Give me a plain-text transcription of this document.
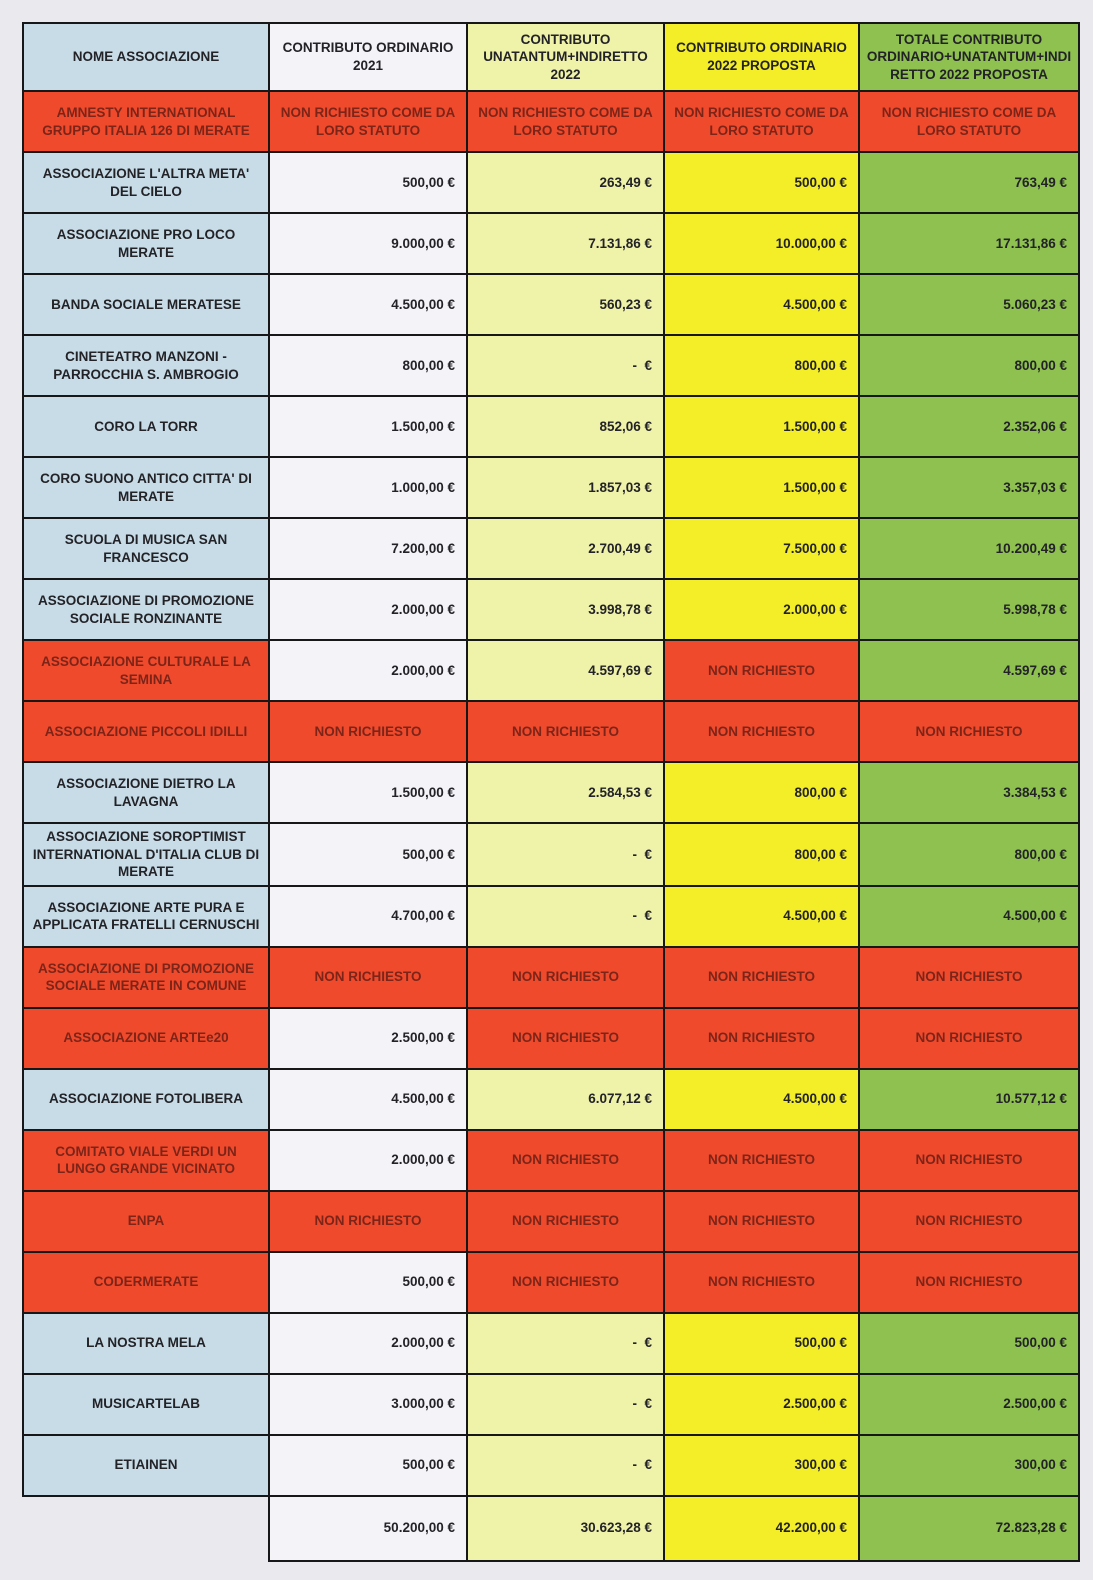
NOME ASSOCIAZIONE	CONTRIBUTO ORDINARIO 2021	CONTRIBUTO UNATANTUM+INDIRETTO 2022	CONTRIBUTO ORDINARIO 2022 PROPOSTA	TOTALE CONTRIBUTO ORDINARIO+UNATANTUM+INDIRETTO 2022 PROPOSTA
AMNESTY INTERNATIONAL GRUPPO ITALIA 126 DI MERATE	NON RICHIESTO COME DA LORO STATUTO	NON RICHIESTO COME DA LORO STATUTO	NON RICHIESTO COME DA LORO STATUTO	NON RICHIESTO COME DA LORO STATUTO
ASSOCIAZIONE L'ALTRA META' DEL CIELO	500,00 €	263,49 €	500,00 €	763,49 €
ASSOCIAZIONE PRO LOCO MERATE	9.000,00 €	7.131,86 €	10.000,00 €	17.131,86 €
BANDA SOCIALE MERATESE	4.500,00 €	560,23 €	4.500,00 €	5.060,23 €
CINETEATRO MANZONI - PARROCCHIA S. AMBROGIO	800,00 €	-  €	800,00 €	800,00 €
CORO LA TORR	1.500,00 €	852,06 €	1.500,00 €	2.352,06 €
CORO SUONO ANTICO CITTA' DI MERATE	1.000,00 €	1.857,03 €	1.500,00 €	3.357,03 €
SCUOLA DI MUSICA SAN FRANCESCO	7.200,00 €	2.700,49 €	7.500,00 €	10.200,49 €
ASSOCIAZIONE DI PROMOZIONE SOCIALE RONZINANTE	2.000,00 €	3.998,78 €	2.000,00 €	5.998,78 €
ASSOCIAZIONE CULTURALE LA SEMINA	2.000,00 €	4.597,69 €	NON RICHIESTO	4.597,69 €
ASSOCIAZIONE PICCOLI IDILLI	NON RICHIESTO	NON RICHIESTO	NON RICHIESTO	NON RICHIESTO
ASSOCIAZIONE DIETRO LA LAVAGNA	1.500,00 €	2.584,53 €	800,00 €	3.384,53 €
ASSOCIAZIONE SOROPTIMIST INTERNATIONAL D'ITALIA CLUB DI MERATE	500,00 €	-  €	800,00 €	800,00 €
ASSOCIAZIONE ARTE PURA E APPLICATA FRATELLI CERNUSCHI	4.700,00 €	-  €	4.500,00 €	4.500,00 €
ASSOCIAZIONE DI PROMOZIONE SOCIALE MERATE IN COMUNE	NON RICHIESTO	NON RICHIESTO	NON RICHIESTO	NON RICHIESTO
ASSOCIAZIONE ARTEe20	2.500,00 €	NON RICHIESTO	NON RICHIESTO	NON RICHIESTO
ASSOCIAZIONE FOTOLIBERA	4.500,00 €	6.077,12 €	4.500,00 €	10.577,12 €
COMITATO VIALE VERDI UN LUNGO GRANDE VICINATO	2.000,00 €	NON RICHIESTO	NON RICHIESTO	NON RICHIESTO
ENPA	NON RICHIESTO	NON RICHIESTO	NON RICHIESTO	NON RICHIESTO
CODERMERATE	500,00 €	NON RICHIESTO	NON RICHIESTO	NON RICHIESTO
LA NOSTRA MELA	2.000,00 €	-  €	500,00 €	500,00 €
MUSICARTELAB	3.000,00 €	-  €	2.500,00 €	2.500,00 €
ETIAINEN	500,00 €	-  €	300,00 €	300,00 €
	50.200,00 €	30.623,28 €	42.200,00 €	72.823,28 €
